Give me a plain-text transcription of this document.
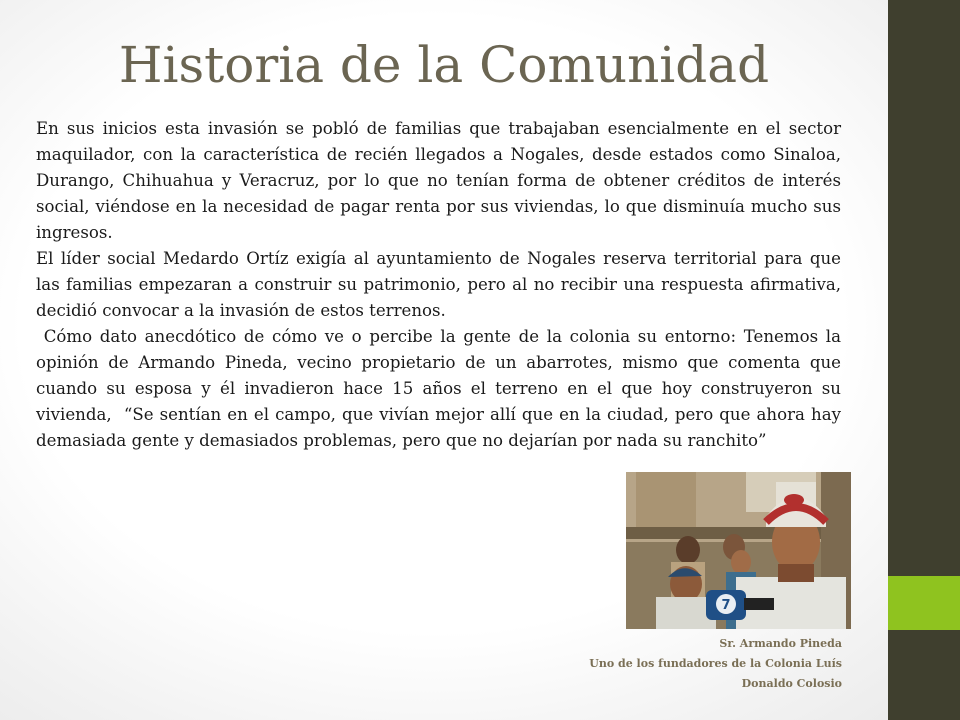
Historia de la Comunidad

En sus inicios esta invasión se pobló de familias que trabajaban esencialmente en el sector maquilador, con la característica de recién llegados a Nogales, desde estados como Sinaloa, Durango, Chihuahua y Veracruz, por lo que no tenían forma de obtener créditos de interés social, viéndose en la necesidad de pagar renta por sus viviendas, lo que disminuía mucho sus ingresos.

El líder social Medardo Ortíz exigía al ayuntamiento de Nogales reserva territorial para que las familias empezaran a construir su patrimonio, pero al no recibir una respuesta afirmativa, decidió convocar a la invasión de estos terrenos.

Cómo dato anecdótico de cómo ve o percibe la gente de la colonia su entorno: Tenemos la opinión de Armando Pineda, vecino propietario de un abarrotes, mismo que comenta que cuando su esposa y él invadieron hace 15 años el terreno en el que hoy construyeron su vivienda,  “Se sentían en el campo, que vivían mejor allí que en la ciudad, pero que ahora hay demasiada gente y demasiados problemas, pero que no dejarían por nada su ranchito”

7
Sr. Armando Pineda
Uno de los fundadores de la Colonia Luís
Donaldo Colosio
